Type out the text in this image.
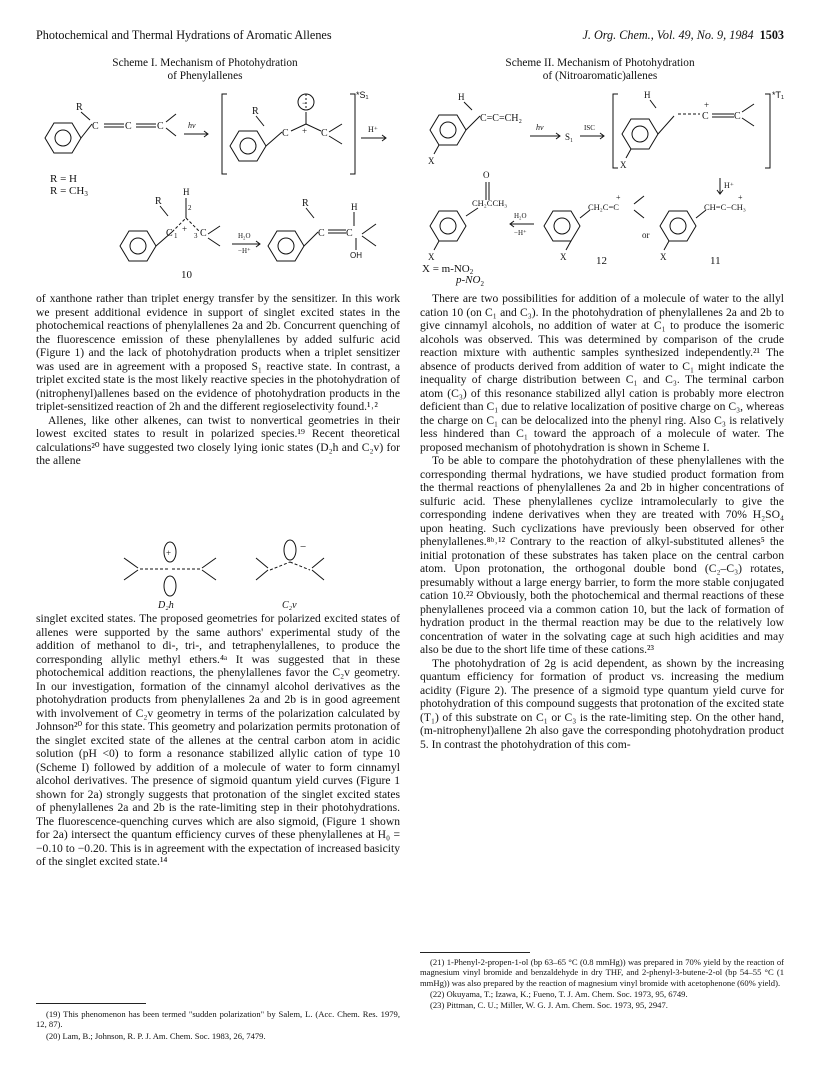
Photochemical and Thermal Hydrations of Aromatic Allenes	J. Org. Chem., Vol. 49, No. 9, 1984 1503
Scheme I. Mechanism of Photohydration
of Phenylallenes
R
C	C	C	hν
R
C	C
−
+
*S₁
H⁺
R = H
R = CH3	H
R
C	C
1
2
3
+
H₂O
−H⁺
R
C C
H
OH
10
Scheme II. Mechanism of Photohydration
of (Nitroaromatic)allenes
H
C=C=CH₂
X
hν
S₁
ISC
H
X
C	C
+
*T₁
H⁺
O
CH₂CCH₃
X
H₂O
−H⁺
CH₂C=C
+
X
or
CH=C−CH₃
+
X
X = m-NO2
12	11
$p-NO_2$

of xanthone rather than triplet energy transfer by the sensitizer. In this work we present additional evidence in support of singlet excited states in the photochemical reactions of phenylallenes 2a and 2b. Concurrent quenching of the fluorescence emission of these phenylallenes by added sulfuric acid (Figure 1) and the lack of photohydration products when a triplet sensitizer was used are in agreement with a proposed S₁ reactive state. In contrast, a triplet excited state is the most likely reactive species in the photohydration of (nitrophenyl)allenes based on the evidence of photohydration products in the triplet-sensitized reaction of 2h and the different regioselectivity found.¹˒²

Allenes, like other alkenes, can twist to nonvertical geometries in their lowest excited states to result in polarized species.¹⁹ Recent theoretical calculations²⁰ have suggested two closely lying ionic states (D₂h and C₂v) for the allene

+	−
D₂h	C₂v

singlet excited states. The proposed geometries for polarized excited states of allenes were supported by the same authors' experimental study of the addition of methanol to di-, tri-, and tetraphenylallenes, to produce the corresponding allylic methyl ethers.⁴ᵃ It was suggested that in these photochemical addition reactions, the phenylallenes favor the C₂v geometry. In our investigation, formation of the cinnamyl alcohol derivatives as the photohydration products from phenylallenes 2a and 2b is in good agreement with involvement of C₂v geometry in terms of the polarization calculated by Johnson²⁰ for this state. This geometry and polarization permits protonation of the singlet excited state of the allenes at the central carbon atom in acidic solution (pH <0) to form a resonance stabilized allylic cation of type 10 (Scheme I) followed by addition of a molecule of water to form cinnamyl alcohol derivatives. The presence of sigmoid quantum yield curves (Figure 1 shown for 2a) strongly suggests that protonation of the singlet excited states of phenylallenes 2a and 2b is the rate-limiting step in their photohydrations. The fluorescence-quenching curves which are also sigmoid, (Figure 1 shown for 2a) intersect the quantum efficiency curves of these phenylallenes at H₀ = −0.10 to −0.20. This is in agreement with the expectation of increased basicity of the singlet excited state.¹⁴

(19) This phenomenon has been termed "sudden polarization" by Salem, L. (Acc. Chem. Res. 1979, 12, 87).

(20) Lam, B.; Johnson, R. P. J. Am. Chem. Soc. 1983, 26, 7479.

There are two possibilities for addition of a molecule of water to the allyl cation 10 (on C₁ and C₃). In the photohydration of phenylallenes 2a and 2b to give cinnamyl alcohols, no addition of water at C₁ to produce the isomeric alcohols was observed. This was determined by comparison of the crude reaction mixture with authentic samples synthesized independently.²¹ The absence of products derived from addition of water to C₁ might indicate the inequality of charge distribution between C₁ and C₃. The terminal carbon atom (C₃) of this resonance stabilized allyl cation is probably more electron deficient than C₁ due to relative localization of positive charge on C₃, whereas the charge on C₁ can be delocalized into the phenyl ring. Also C₃ is relatively less hindered than C₁ toward the approach of a molecule of water. The proposed mechanism of photohydration is shown in Scheme I.

To be able to compare the photohydration of these phenylallenes with the corresponding thermal hydrations, we have studied product formation from the thermal reactions of phenylallenes 2a and 2b in higher concentrations of sulfuric acid. These phenylallenes cyclize intramolecularly to give the corresponding indene derivatives when they are treated with 70% H₂SO₄ upon heating. Such cyclizations have previously been observed for other phenylallenes.⁸ᵇ˒¹² Contrary to the reaction of alkyl-substituted allenes⁵ the initial protonation of these substrates has taken place on the central carbon atom. Upon protonation, the orthogonal double bond (C₂–C₃) rotates, presumably without a large energy barrier, to form the more stable conjugated cation 10.²² Obviously, both the photochemical and thermal reactions of these phenylallenes proceed via a common cation 10, but the lack of formation of hydration product in the thermal reaction may be due to the relatively low concentration of water in the solvating cage at such high acidities and may also be due to the short life time of these cations.²³

The photohydration of 2g is acid dependent, as shown by the increasing quantum efficiency for formation of product vs. increasing the medium acidity (Figure 2). The presence of a sigmoid type quantum yield curve for photohydration of this compound suggests that protonation of the excited state (T₁) of this substrate on C₁ or C₃ is the rate-limiting step. On the other hand, (m-nitrophenyl)allene 2h also gave the corresponding photohydration product 5. In contrast the photohydration of this com-

(21) 1-Phenyl-2-propen-1-ol (bp 63–65 °C (0.8 mmHg)) was prepared in 70% yield by the reaction of magnesium vinyl bromide and benzaldehyde in dry THF, and 2-phenyl-3-butene-2-ol (bp 54–55 °C (1 mmHg)) was also prepared by the reaction of magnesium vinyl bromide with acetophenone (60% yield).

(22) Okuyama, T.; Izawa, K.; Fueno, T. J. Am. Chem. Soc. 1973, 95, 6749.

(23) Pittman, C. U.; Miller, W. G. J. Am. Chem. Soc. 1973, 95, 2947.
